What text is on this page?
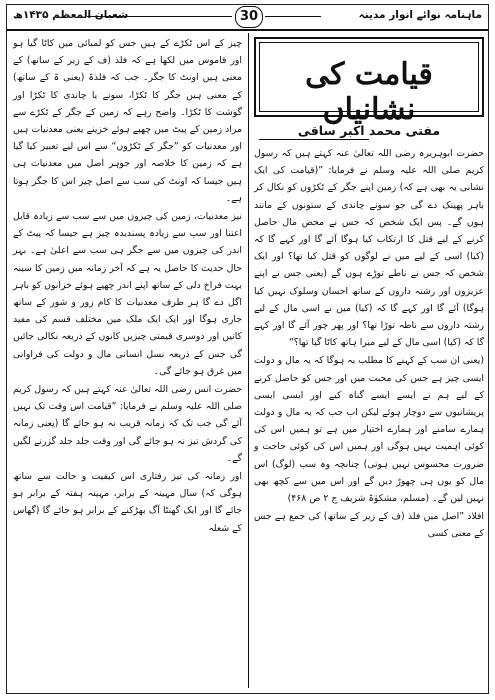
ماہنامہ نوائے انوار مدینہ
30
شعبان المعظم ۱۴۳۵ھ
قیامت کی نشانیاں
مفتی محمد اکبر ساقی

حضرت ابوہریرہ رضی اللہ تعالیٰ عنہ کہتے ہیں کہ رسول کریم صلی اللہ علیہ وسلم نے فرمایا: ”(قیامت کی ایک نشانی یہ بھی ہے کہ) زمین اپنے جگر کے ٹکڑوں کو نکال کر باہر پھینک دے گی جو سونے چاندی کے ستونوں کے مانند ہوں گے۔ پس ایک شخص کہ جس نے محض مال حاصل کرنے کے لیے قتل کا ارتکاب کیا ہوگا آئے گا اور کہے گا کہ (کیا) اسی کے لیے میں نے لوگوں کو قتل کیا تھا؟ اور ایک شخص کہ جس نے ناطے توڑے ہوں گے (یعنی جس نے اپنے عزیزوں اور رشتہ داروں کے ساتھ احسان وسلوک نہیں کیا ہوگا) آئے گا اور کہے گا کہ (کیا) میں نے اسی مال کے لیے رشتہ داروں سے ناطہ توڑا تھا؟ اور پھر چور آئے گا اور کہے گا کہ (کیا) اسی مال کے لیے میرا ہاتھ کاٹا گیا تھا؟“

(یعنی ان سب کے کہنے کا مطلب یہ ہوگا کہ یہ مال و دولت ایسی چیز ہے جس کی محبت میں اور جس کو حاصل کرنے کے لیے ہم نے ایسے ایسے گناہ کیے اور ایسی ایسی پریشانیوں سے دوچار ہوئے لیکن اب جب کہ یہ مال و دولت ہمارے سامنے اور ہمارے اختیار میں ہے تو ہمیں اس کی کوئی اہمیت نہیں ہوگی اور ہمیں اس کی کوئی حاجت و ضرورت محسوس نہیں ہوتی) چنانچہ وہ سب (لوگ) اس مال کو یوں ہی چھوڑ دیں گے اور اس میں سے کچھ بھی نہیں لیں گے۔ (مسلم، مشکوٰۃ شریف ج ۲ ص ۴۶۸)

افلاذ ”اصل میں فلذ (ف کے زیر کے ساتھ) کی جمع ہے جس کے معنی کسی

چیز کے اس ٹکڑے کے ہیں جس کو لمبائی میں کاٹا گیا ہو اور قاموس میں لکھا ہے کہ فلذ (ف کے زیر کے ساتھ) کے معنی ہیں اونٹ کا جگر۔ جب کہ فلذۃ (یعنی ۃ کے ساتھ) کے معنی ہیں جگر کا ٹکڑا، سونے یا چاندی کا ٹکڑا اور گوشت کا ٹکڑا۔ واضح رہے کہ زمین کے جگر کے ٹکڑے سے مراد زمین کے پیٹ میں چھپے ہوئے خزینے یعنی معدنیات ہیں اور معدنیات کو ”جگر کے ٹکڑوں“ سے اس لیے تعبیر کیا گیا ہے کہ زمین کا خلاصہ اور جوہر اصل میں معدنیات ہی ہیں جیسا کہ اونٹ کی سب سے اصل چیز اس کا جگر ہوتا ہے۔

نیز معدنیات، زمین کی چیزوں میں سے سب سے زیادہ قابل اعتنا اور سب سے زیادہ پسندیدہ چیز ہے جیسا کہ پیٹ کے اندر کی چیزوں میں سے جگر ہی سب سے اعلیٰ ہے۔ بہر حال حدیث کا حاصل یہ ہے کہ آخر زمانہ میں زمین کا سینہ بہت فراخ دلی کے ساتھ اپنے اندر چھپے ہوئے خزانوں کو باہر اگل دے گا ہر طرف معدنیات کا کام زور و شور کے ساتھ جاری ہوگا اور ایک ایک ملک میں مختلف قسم کی مفید کانیں اور دوسری قیمتی چیزیں کانوں کے ذریعہ نکالی جائیں گی جس کے ذریعہ نسل انسانی مال و دولت کی فراوانی میں غرق ہو جائے گی۔

حضرت انس رضی اللہ تعالیٰ عنہ کہتے ہیں کہ رسول کریم صلی اللہ علیہ وسلم نے فرمایا: ”قیامت اس وقت تک نہیں آئے گی جب تک کہ زمانہ قریب نہ ہو جائے گا (یعنی زمانہ کی گردش تیز نہ ہو جائے گی اور وقت جلد جلد گزرنے لگیں گے۔

اور زمانہ کی تیز رفتاری اس کیفیت و حالت سے ساتھ ہوگی کہ) سال مہینہ کے برابر، مہینہ ہفتہ کے برابر ہو جائے گا اور ایک گھنٹا آگ بھڑکنے کے برابر ہو جائے گا (گھاس کے شعلہ
